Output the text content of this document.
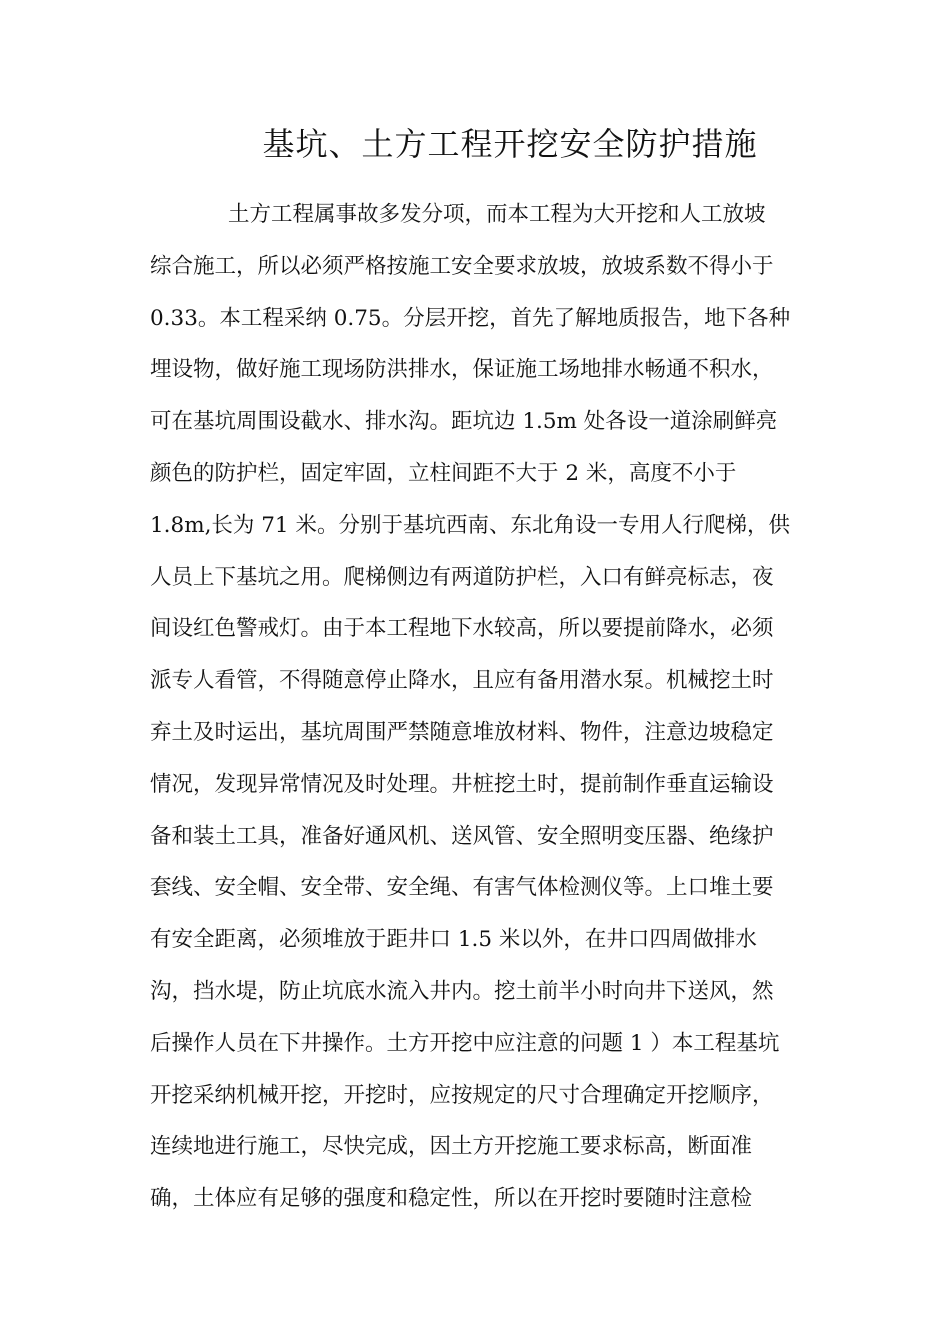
基坑、土方工程开挖安全防护措施
土方工程属事故多发分项，而本工程为大开挖和人工放坡
综合施工，所以必须严格按施工安全要求放坡，放坡系数不得小于
0.33。本工程采纳 0.75。分层开挖，首先了解地质报告，地下各种
埋设物，做好施工现场防洪排水，保证施工场地排水畅通不积水，
可在基坑周围设截水、排水沟。距坑边 1.5m 处各设一道涂刷鲜亮
颜色的防护栏，固定牢固，立柱间距不大于 2 米，高度不小于
1.8m,长为 71 米。分别于基坑西南、东北角设一专用人行爬梯，供
人员上下基坑之用。爬梯侧边有两道防护栏，入口有鲜亮标志，夜
间设红色警戒灯。由于本工程地下水较高，所以要提前降水，必须
派专人看管，不得随意停止降水，且应有备用潜水泵。机械挖土时
弃土及时运出，基坑周围严禁随意堆放材料、物件，注意边坡稳定
情况，发现异常情况及时处理。井桩挖土时，提前制作垂直运输设
备和装土工具，准备好通风机、送风管、安全照明变压器、绝缘护
套线、安全帽、安全带、安全绳、有害气体检测仪等。上口堆土要
有安全距离，必须堆放于距井口 1.5 米以外，在井口四周做排水
沟，挡水堤，防止坑底水流入井内。挖土前半小时向井下送风，然
后操作人员在下井操作。土方开挖中应注意的问题 1 ）本工程基坑
开挖采纳机械开挖，开挖时，应按规定的尺寸合理确定开挖顺序，
连续地进行施工，尽快完成，因土方开挖施工要求标高，断面准
确，土体应有足够的强度和稳定性，所以在开挖时要随时注意检
